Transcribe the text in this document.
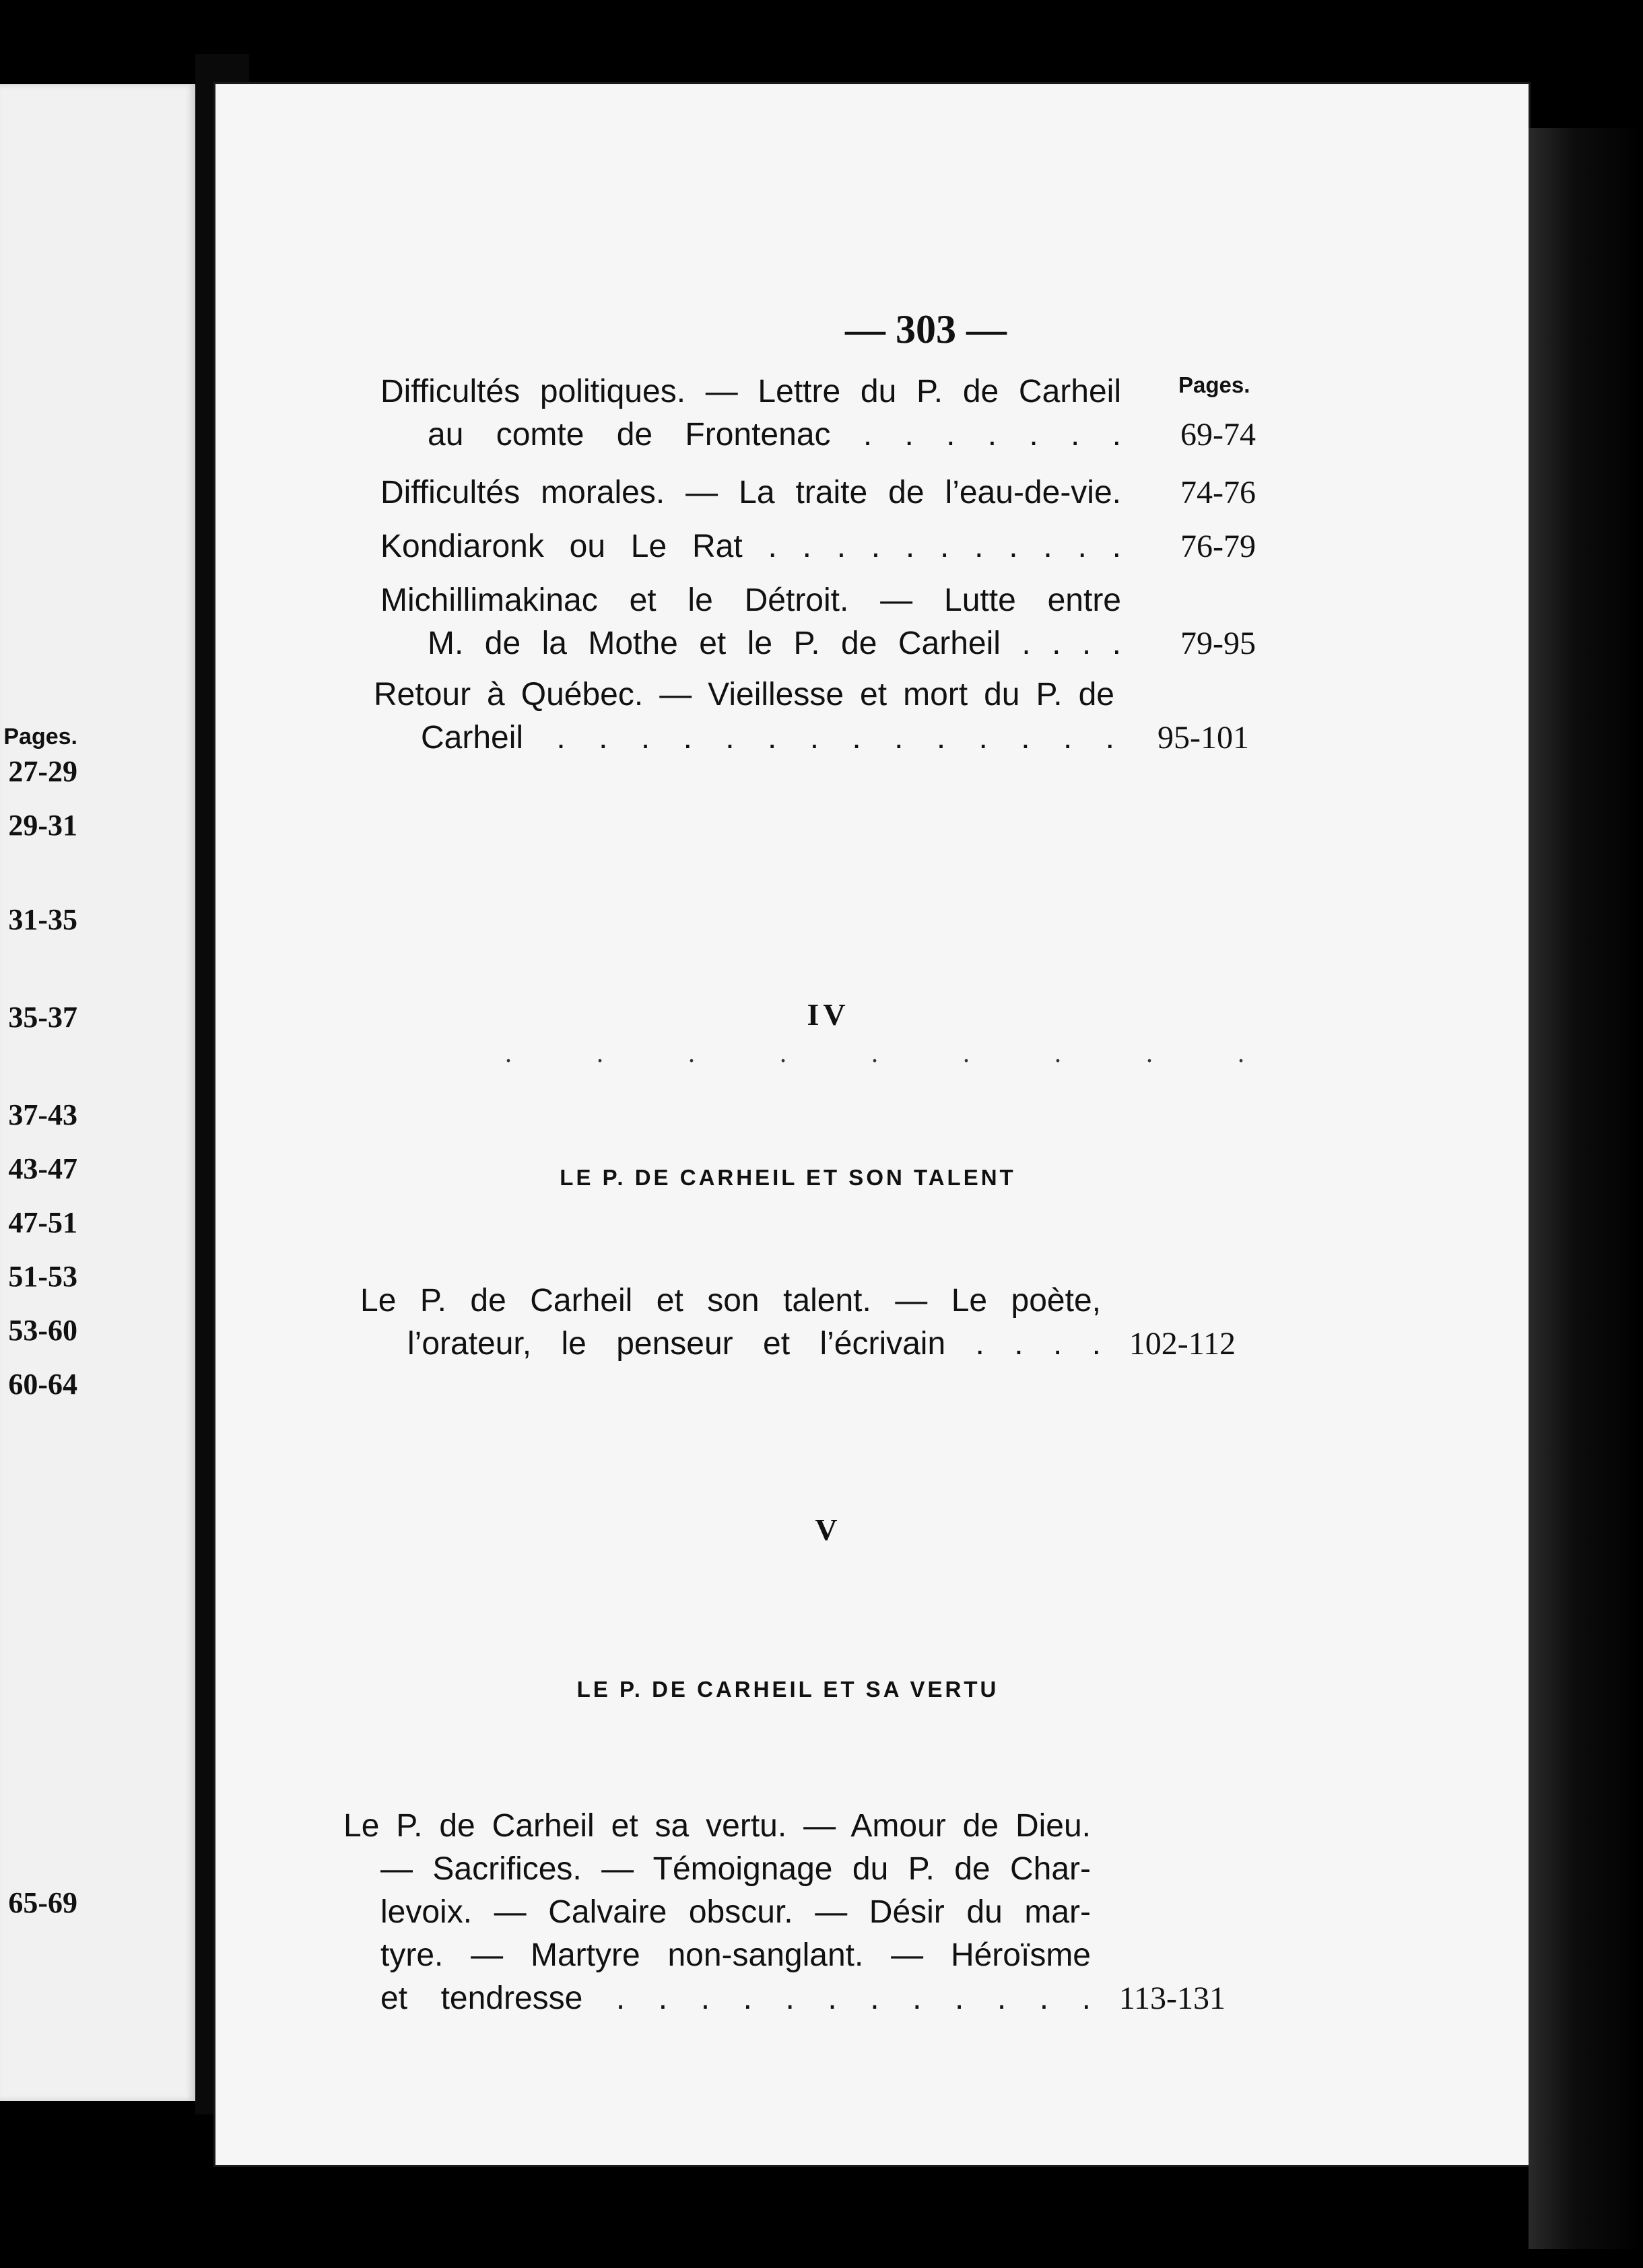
Pages.
27-29
29-31
31-35
35-37
37-43
43-47
47-51
51-53
53-60
60-64
65-69
— 303 —
Pages.
Difficultés politiques. — Lettre du P. de Carheil
au comte de Frontenac . . . . . . .	69-74
Difficultés morales. — La traite de l’eau-de-vie.	74-76
Kondiaronk ou Le Rat . . . . . . . . . . .	76-79
Michillimakinac et le Détroit. — Lutte entre
M. de la Mothe et le P. de Carheil . . . .	79-95
Retour à Québec. — Vieillesse et mort du P. de
Carheil . . . . . . . . . . . . . .	95-101
IV
. . . . . . . . .
LE P. DE CARHEIL ET SON TALENT
Le P. de Carheil et son talent. — Le poète,
l’orateur, le penseur et l’écrivain . . . . 102-112
V
LE P. DE CARHEIL ET SA VERTU
Le P. de Carheil et sa vertu. — Amour de Dieu.
— Sacrifices. — Témoignage du P. de Char-
levoix. — Calvaire obscur. — Désir du mar-
tyre. — Martyre non-sanglant. — Héroïsme
et tendresse . . . . . . . . . . . . 113-131
